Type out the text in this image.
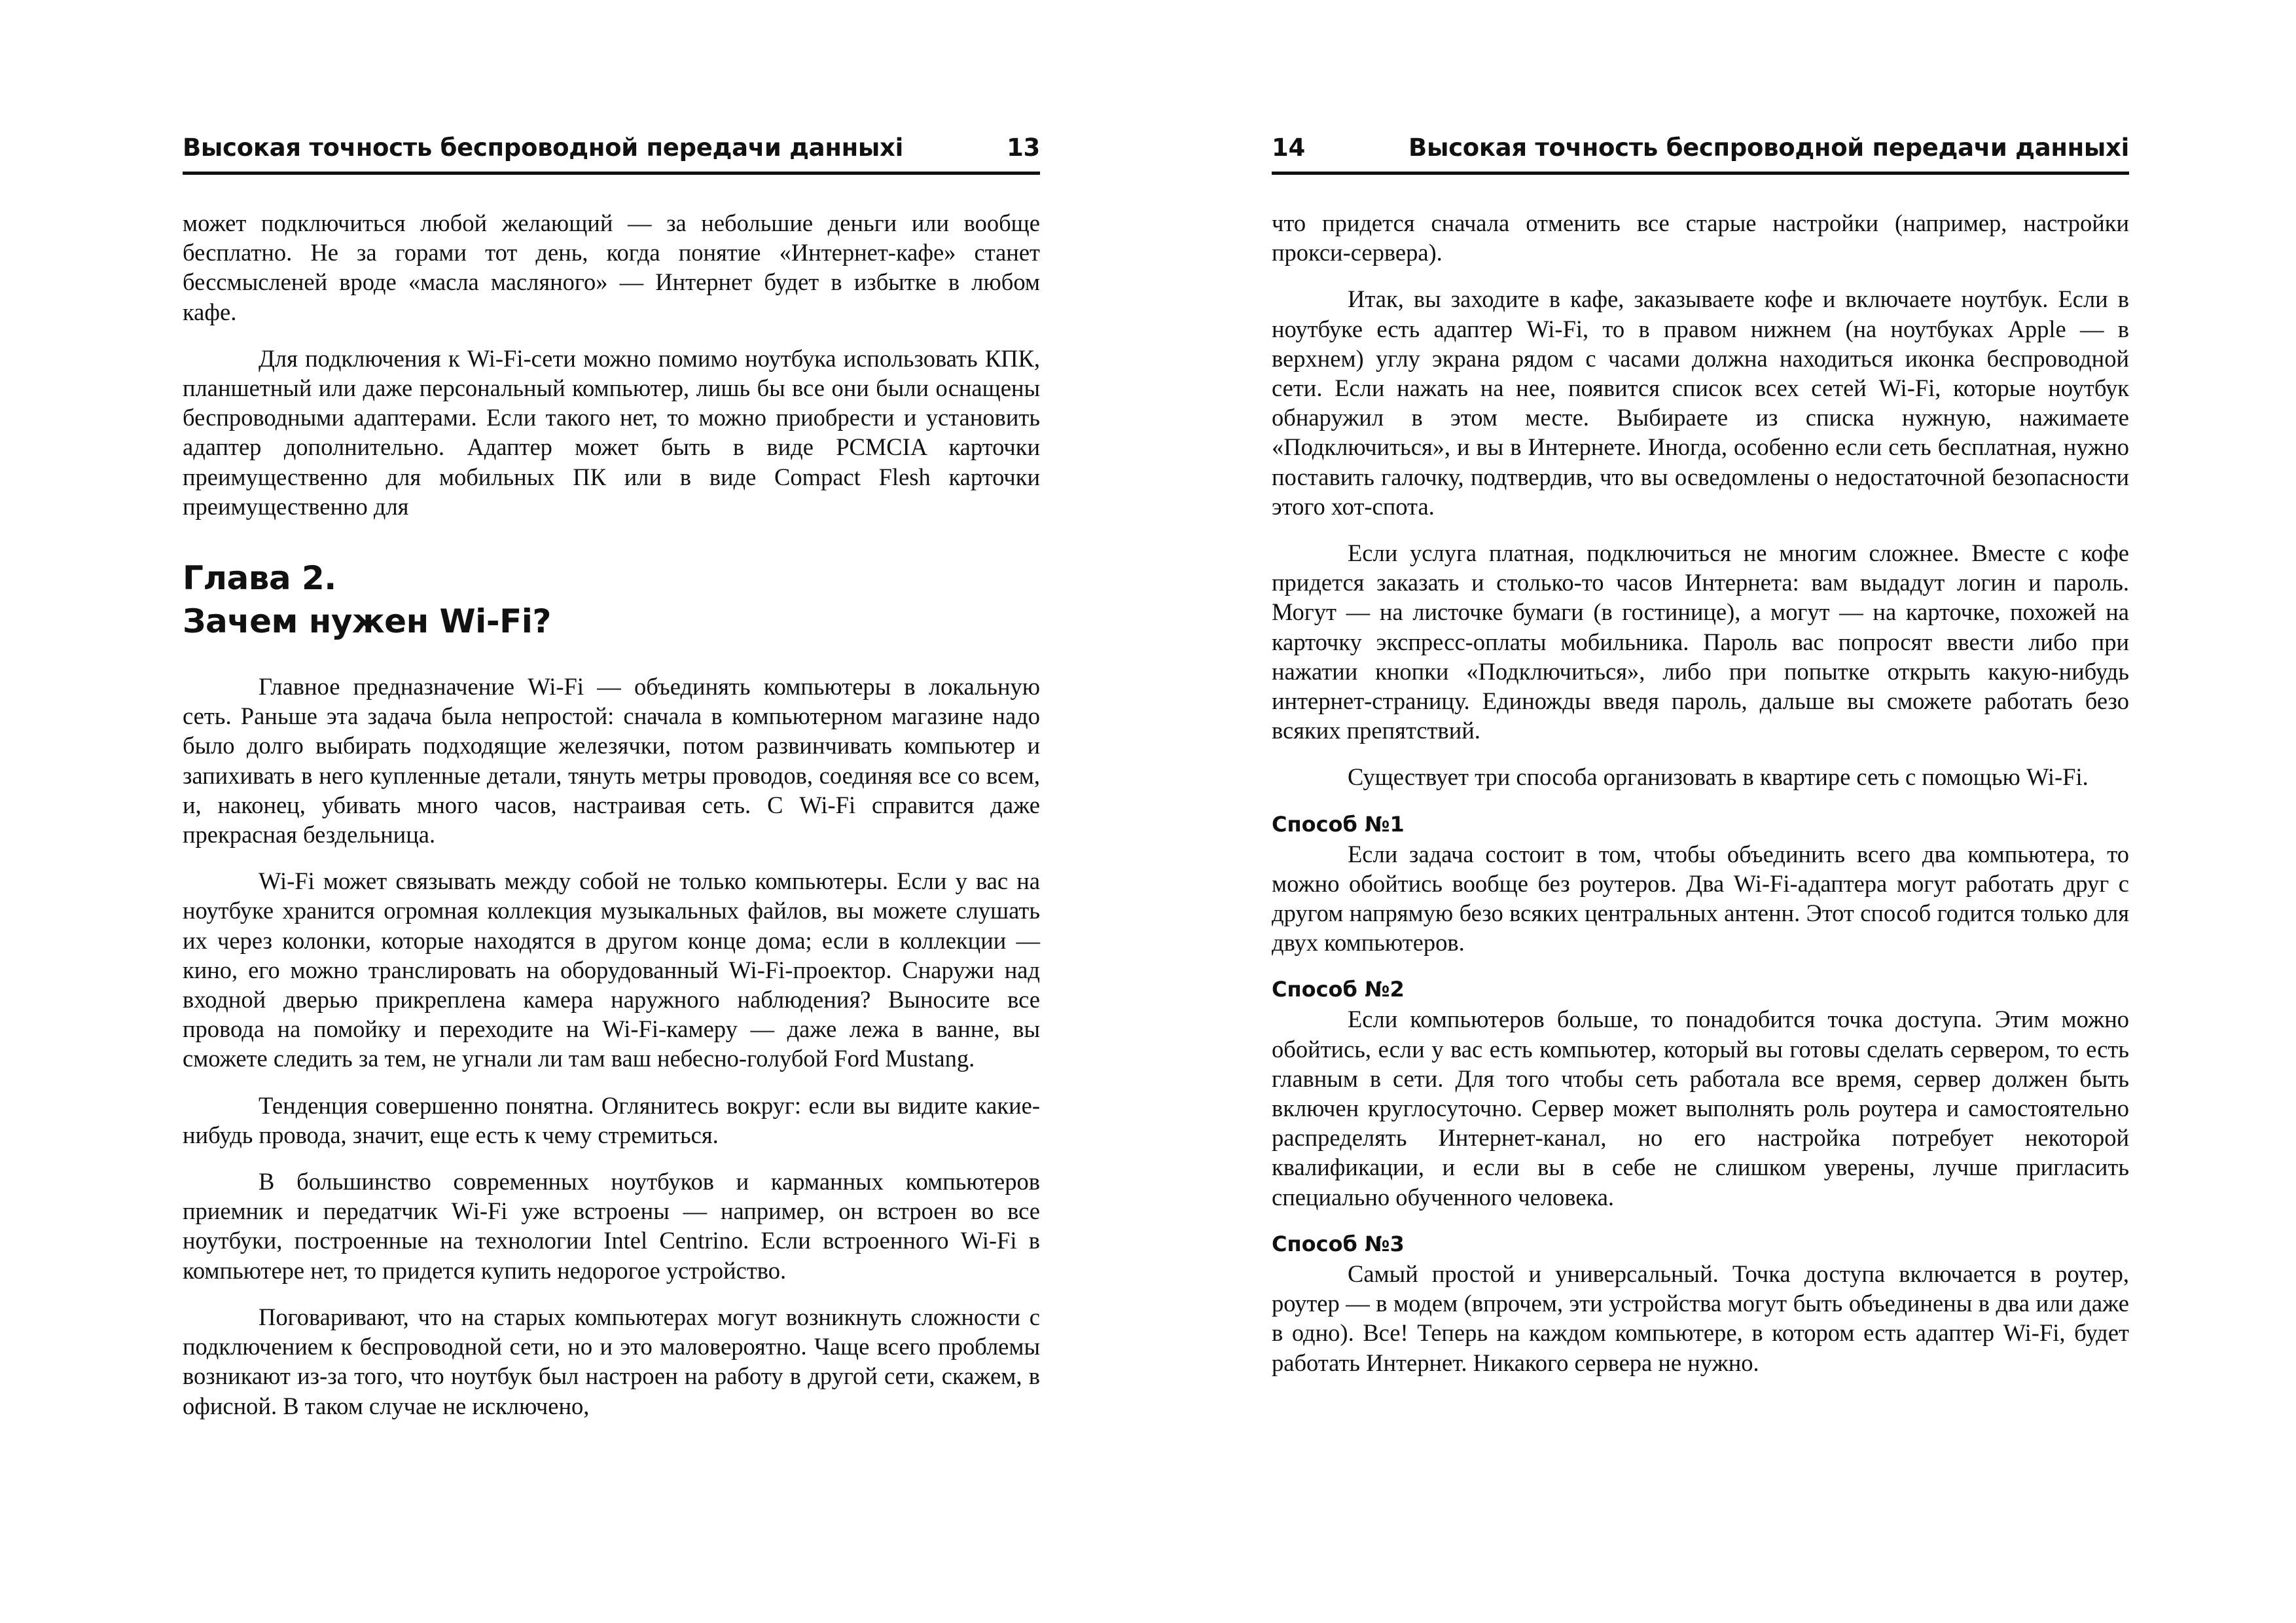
Высокая точность беспроводной передачи данныхi	13

может подключиться любой желающий — за небольшие деньги или вообще бесплатно. Не за горами тот день, когда понятие «Интернет-кафе» станет бессмысленей вроде «масла масляного» — Интернет будет в избытке в любом кафе.

Для подключения к Wi-Fi-сети можно помимо ноутбука использовать КПК, планшетный или даже персональный компьютер, лишь бы все они были оснащены беспроводными адаптерами. Если такого нет, то можно приобрести и установить адаптер дополнительно. Адаптер может быть в виде PCMCIA карточки преимущественно для мобильных ПК или в виде Compact Flesh карточки преимущественно для

Глава 2.
Зачем нужен Wi-Fi?

Главное предназначение Wi-Fi — объединять компьютеры в локальную сеть. Раньше эта задача была непростой: сначала в компьютерном магазине надо было долго выбирать подходящие железячки, потом развинчивать компьютер и запихивать в него купленные детали, тянуть метры проводов, соединяя все со всем, и, наконец, убивать много часов, настраивая сеть. С Wi-Fi справится даже прекрасная бездельница.

Wi-Fi может связывать между собой не только компьютеры. Если у вас на ноутбуке хранится огромная коллекция музыкальных файлов, вы можете слушать их через колонки, которые находятся в другом конце дома; если в коллекции — кино, его можно транслировать на оборудованный Wi-Fi-проектор. Снаружи над входной дверью прикреплена камера наружного наблюдения? Выносите все провода на помойку и переходите на Wi-Fi-камеру — даже лежа в ванне, вы сможете следить за тем, не угнали ли там ваш небесно-голубой Ford Mustang.

Тенденция совершенно понятна. Оглянитесь вокруг: если вы видите какие-нибудь провода, значит, еще есть к чему стремиться.

В большинство современных ноутбуков и карманных компьютеров приемник и передатчик Wi-Fi уже встроены — например, он встроен во все ноутбуки, построенные на технологии Intel Centrino. Если встроенного Wi-Fi в компьютере нет, то придется купить недорогое устройство.

Поговаривают, что на старых компьютерах могут возникнуть сложности с подключением к беспроводной сети, но и это маловероятно. Чаще всего проблемы возникают из-за того, что ноутбук был настроен на работу в другой сети, скажем, в офисной. В таком случае не исключено,

14	Высокая точность беспроводной передачи данныхi

что придется сначала отменить все старые настройки (например, настройки прокси-сервера).

Итак, вы заходите в кафе, заказываете кофе и включаете ноутбук. Если в ноутбуке есть адаптер Wi-Fi, то в правом нижнем (на ноутбуках Apple — в верхнем) углу экрана рядом с часами должна находиться иконка беспроводной сети. Если нажать на нее, появится список всех сетей Wi-Fi, которые ноутбук обнаружил в этом месте. Выбираете из списка нужную, нажимаете «Подключиться», и вы в Интернете. Иногда, особенно если сеть бесплатная, нужно поставить галочку, подтвердив, что вы осведомлены о недостаточной безопасности этого хот-спота.

Если услуга платная, подключиться не многим сложнее. Вместе с кофе придется заказать и столько-то часов Интернета: вам выдадут логин и пароль. Могут — на листочке бумаги (в гостинице), а могут — на карточке, похожей на карточку экспресс-оплаты мобильника. Пароль вас попросят ввести либо при нажатии кнопки «Подключиться», либо при попытке открыть какую-нибудь интернет-страницу. Единожды введя пароль, дальше вы сможете работать безо всяких препятствий.

Существует три способа организовать в квартире сеть с помощью Wi-Fi.

Способ №1

Если задача состоит в том, чтобы объединить всего два компьютера, то можно обойтись вообще без роутеров. Два Wi-Fi-адаптера могут работать друг с другом напрямую безо всяких центральных антенн. Этот способ годится только для двух компьютеров.

Способ №2

Если компьютеров больше, то понадобится точка доступа. Этим можно обойтись, если у вас есть компьютер, который вы готовы сделать сервером, то есть главным в сети. Для того чтобы сеть работала все время, сервер должен быть включен круглосуточно. Сервер может выполнять роль роутера и самостоятельно распределять Интернет-канал, но его настройка потребует некоторой квалификации, и если вы в себе не слишком уверены, лучше пригласить специально обученного человека.

Способ №3

Самый простой и универсальный. Точка доступа включается в роутер, роутер — в модем (впрочем, эти устройства могут быть объединены в два или даже в одно). Все! Теперь на каждом компьютере, в котором есть адаптер Wi-Fi, будет работать Интернет. Никакого сервера не нужно.
